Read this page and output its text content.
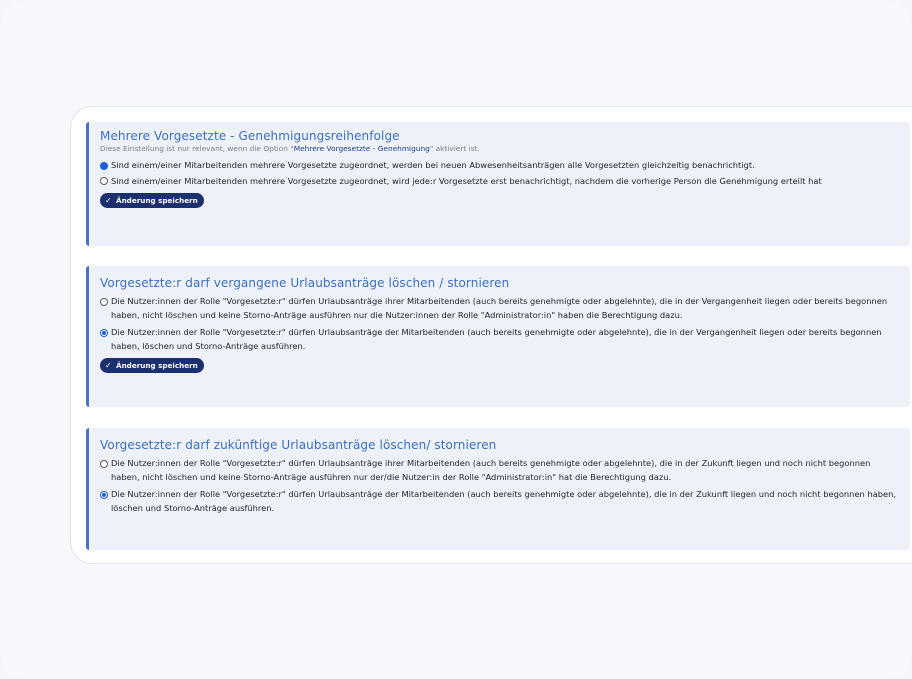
Mehrere Vorgesetzte - Genehmigungsreihenfolge
Diese Einstellung ist nur relevant, wenn die Option "Mehrere Vorgesetzte - Genehmigung" aktiviert ist.
Sind einem/einer Mitarbeitenden mehrere Vorgesetzte zugeordnet, werden bei neuen Abwesenheitsanträgen alle Vorgesetzten gleichzeitig benachrichtigt.
Sind einem/einer Mitarbeitenden mehrere Vorgesetzte zugeordnet, wird jede:r Vorgesetzte erst benachrichtigt, nachdem die vorherige Person die Genehmigung erteilt hat
✓ Änderung speichern
Vorgesetzte:r darf vergangene Urlaubsanträge löschen / stornieren
Die Nutzer:innen der Rolle "Vorgesetzte:r" dürfen Urlaubsanträge ihrer Mitarbeitenden (auch bereits genehmigte oder abgelehnte), die in der Vergangenheit liegen oder bereits begonnen haben, nicht löschen und keine Storno-Anträge ausführen nur die Nutzer:innen der Rolle "Administrator:in" haben die Berechtigung dazu.
Die Nutzer:innen der Rolle "Vorgesetzte:r" dürfen Urlaubsanträge der Mitarbeitenden (auch bereits genehmigte oder abgelehnte), die in der Vergangenheit liegen oder bereits begonnen haben, löschen und Storno-Anträge ausführen.
✓ Änderung speichern
Vorgesetzte:r darf zukünftige Urlaubsanträge löschen/ stornieren
Die Nutzer:innen der Rolle "Vorgesetzte:r" dürfen Urlaubsanträge ihrer Mitarbeitenden (auch bereits genehmigte oder abgelehnte), die in der Zukunft liegen und noch nicht begonnen haben, nicht löschen und keine Storno-Anträge ausführen nur der/die Nutzer:in der Rolle "Administrator:in" hat die Berechtigung dazu.
Die Nutzer:innen der Rolle "Vorgesetzte:r" dürfen Urlaubsanträge der Mitarbeitenden (auch bereits genehmigte oder abgelehnte), die in der Zukunft liegen und noch nicht begonnen haben, löschen und Storno-Anträge ausführen.
